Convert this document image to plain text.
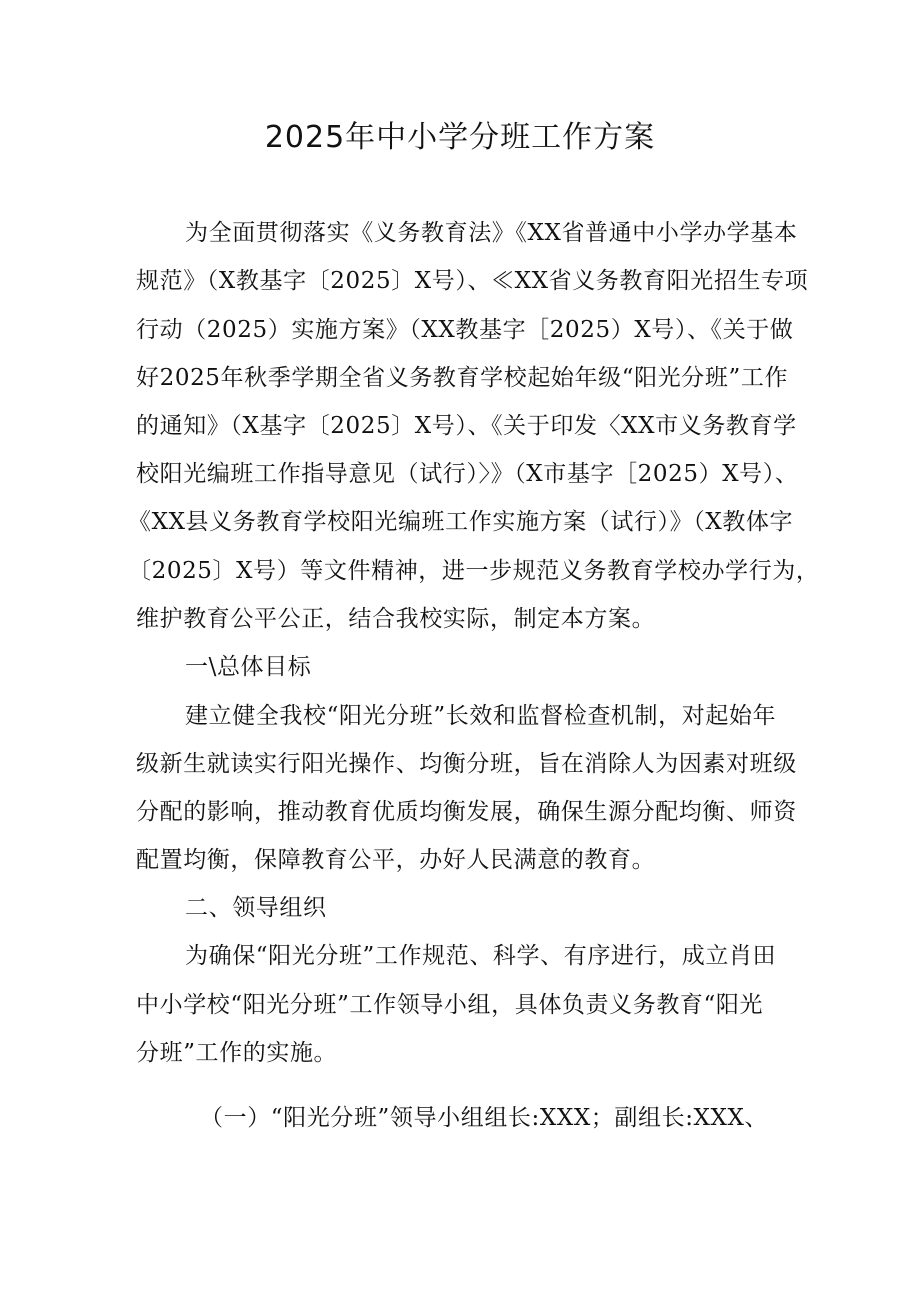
2025年中小学分班工作方案
为全面贯彻落实《义务教育法》《XX省普通中小学办学基本
规范》（X教基字〔2025〕X号）、≪XX省义务教育阳光招生专项
行动（2025）实施方案》（XX教基字［2025）X号）、《关于做
好2025年秋季学期全省义务教育学校起始年级“阳光分班”工作
的通知》（X基字〔2025〕X号）、《关于印发〈XX市义务教育学
校阳光编班工作指导意见（试行）〉》（X市基字［2025）X号）、
《XX县义务教育学校阳光编班工作实施方案（试行）》（X教体字
〔2025〕X号）等文件精神，进一步规范义务教育学校办学行为，
维护教育公平公正，结合我校实际，制定本方案。
一\总体目标
建立健全我校“阳光分班”长效和监督检查机制，对起始年
级新生就读实行阳光操作、均衡分班，旨在消除人为因素对班级
分配的影响，推动教育优质均衡发展，确保生源分配均衡、师资
配置均衡，保障教育公平，办好人民满意的教育。
二、领导组织
为确保“阳光分班”工作规范、科学、有序进行，成立肖田
中小学校“阳光分班”工作领导小组，具体负责义务教育“阳光
分班”工作的实施。
（一）“阳光分班”领导小组组长:XXX；副组长:XXX、
